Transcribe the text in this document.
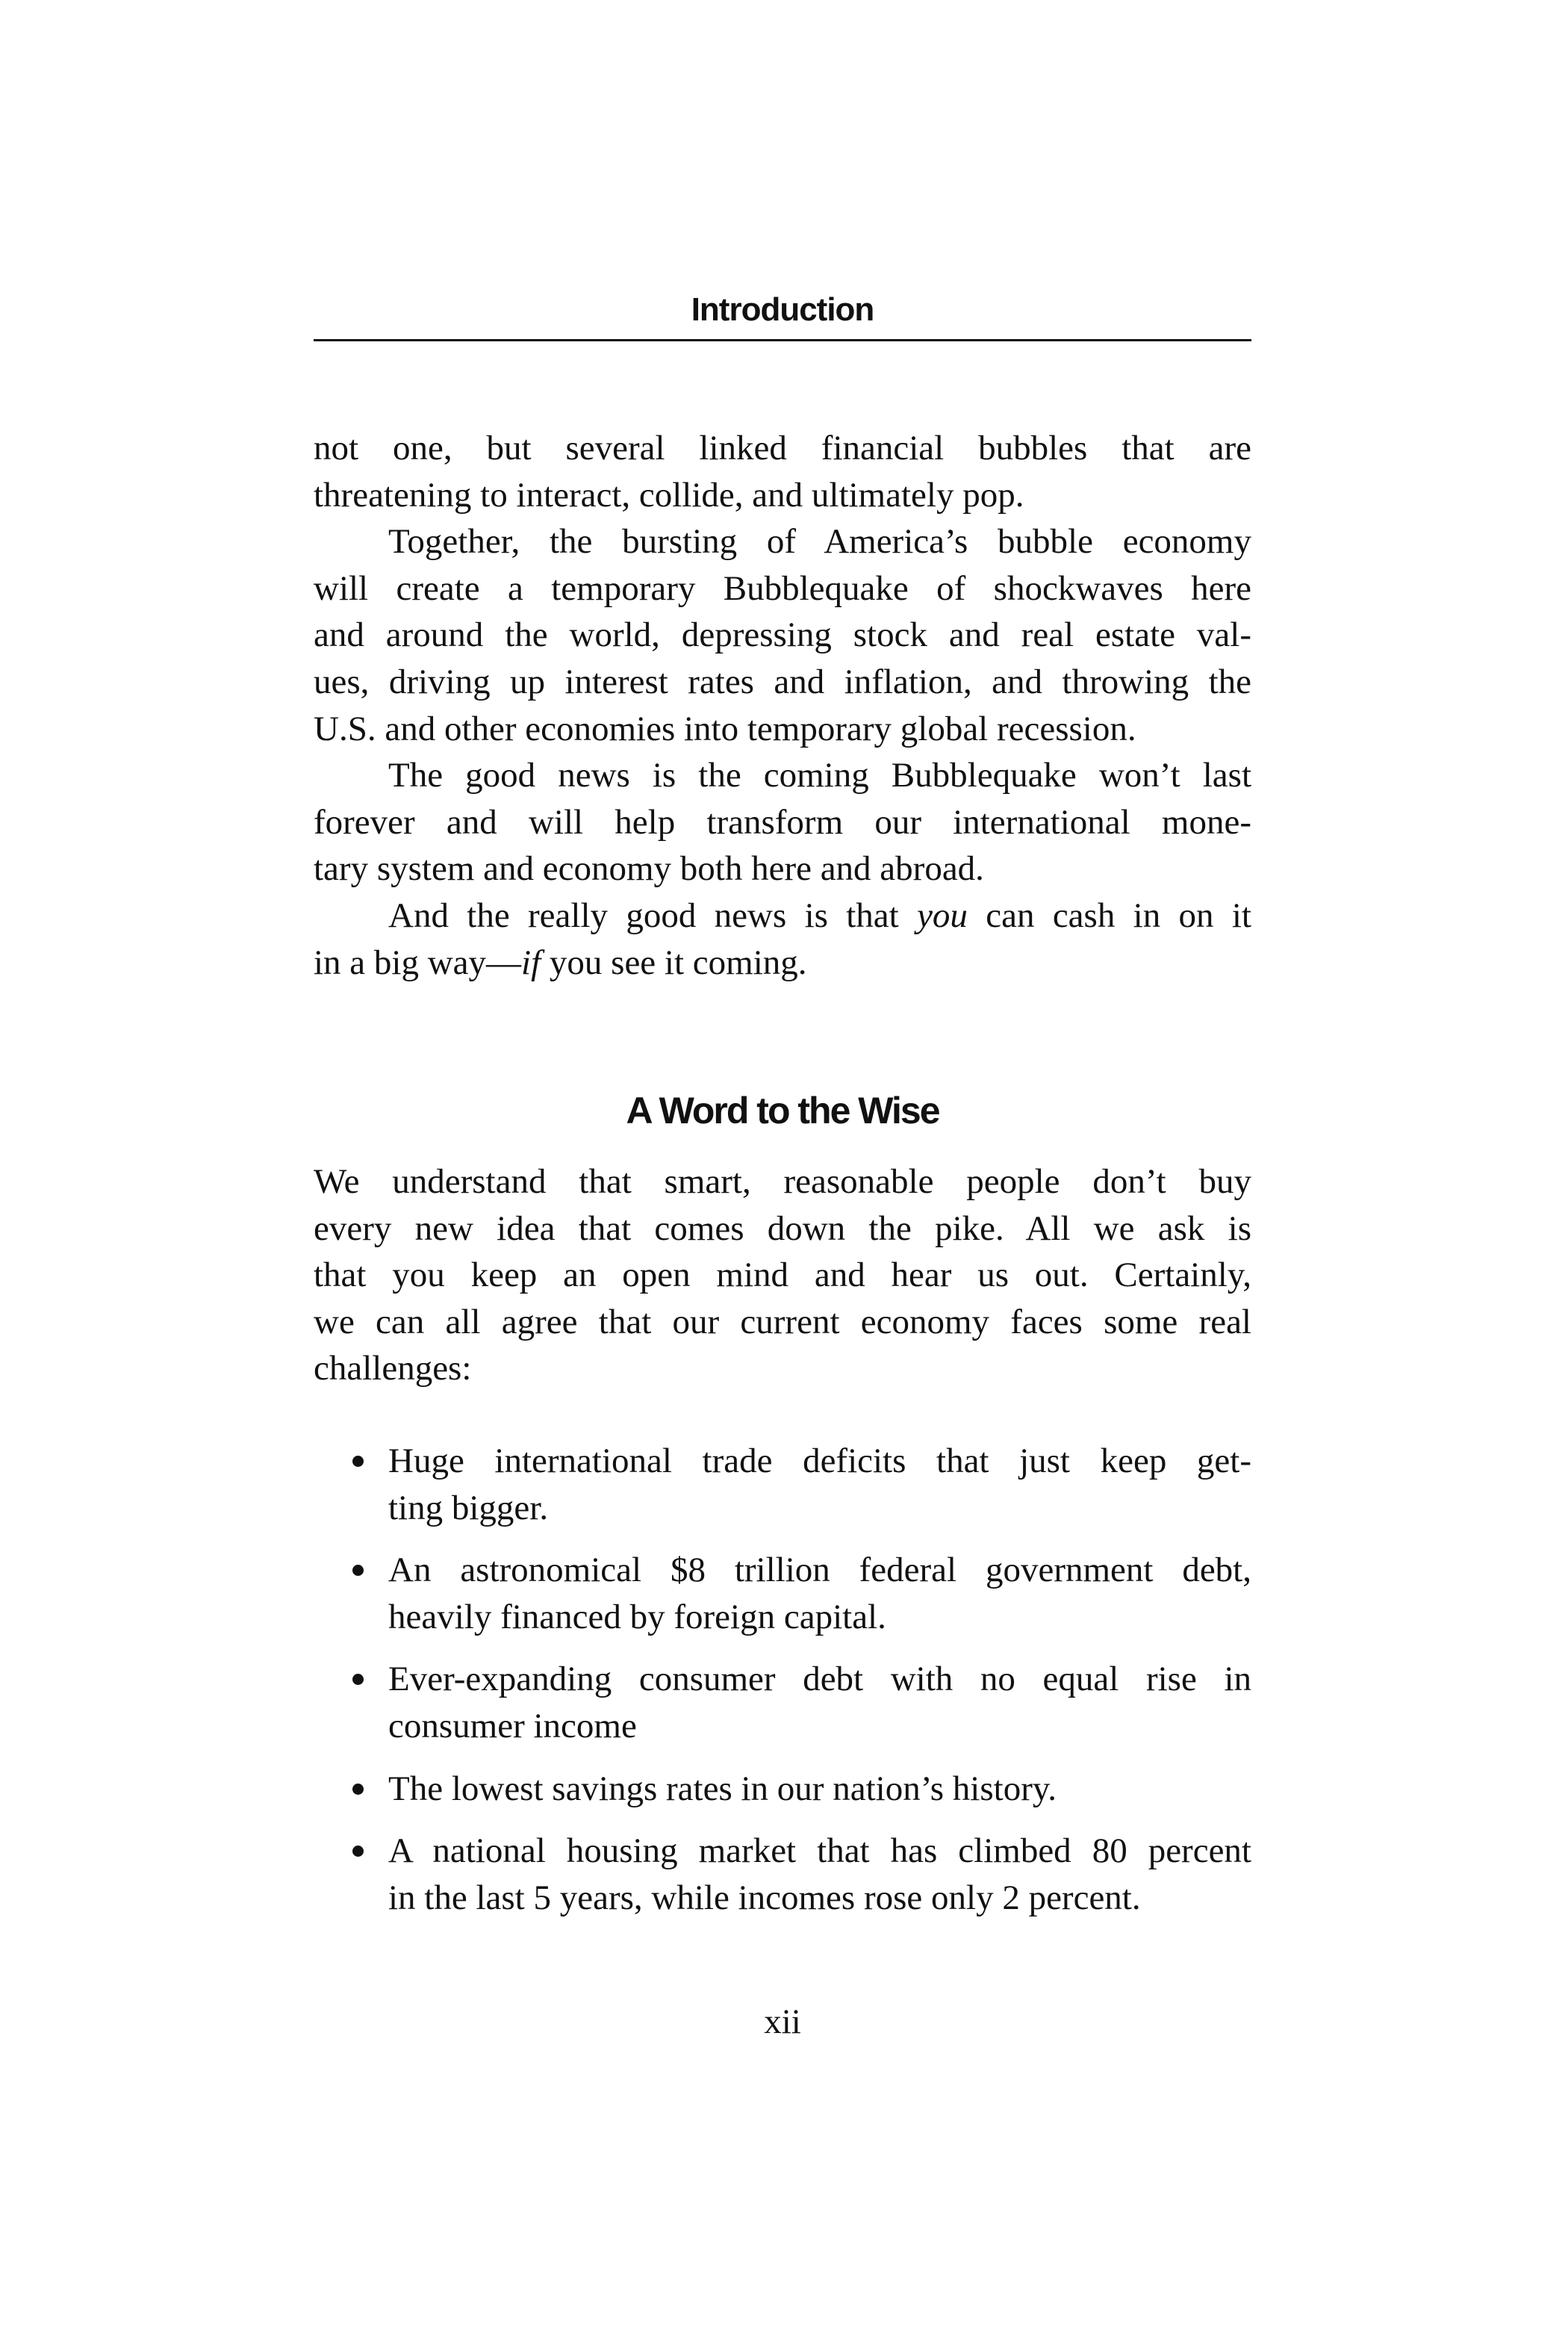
Introduction
not one, but several linked financial bubbles that are
threatening to interact, collide, and ultimately pop.
Together, the bursting of America’s bubble economy
will create a temporary Bubblequake of shockwaves here
and around the world, depressing stock and real estate val-
ues, driving up interest rates and inflation, and throwing the
U.S. and other economies into temporary global recession.
The good news is the coming Bubblequake won’t last
forever and will help transform our international mone-
tary system and economy both here and abroad.
And the really good news is that you can cash in on it
in a big way—if you see it coming.
A Word to the Wise
We understand that smart, reasonable people don’t buy
every new idea that comes down the pike. All we ask is
that you keep an open mind and hear us out. Certainly,
we can all agree that our current economy faces some real
challenges:
Huge international trade deficits that just keep get-
ting bigger.
An astronomical $8 trillion federal government debt,
heavily financed by foreign capital.
Ever-expanding consumer debt with no equal rise in
consumer income
The lowest savings rates in our nation’s history.
A national housing market that has climbed 80 percent
in the last 5 years, while incomes rose only 2 percent.
xii
